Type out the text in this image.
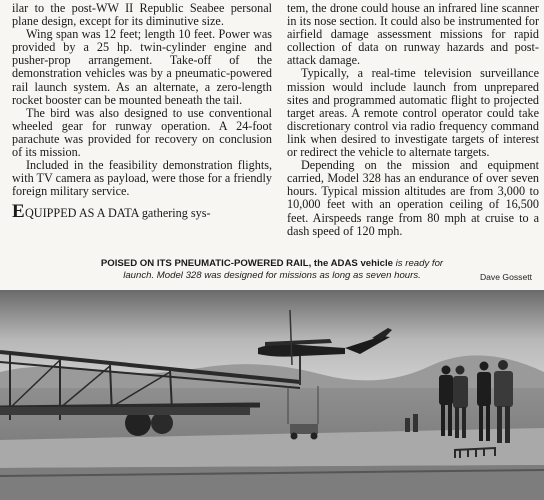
ilar to the post-WW II Republic Seabee personal plane design, except for its diminutive size.

Wing span was 12 feet; length 10 feet. Power was provided by a 25 hp. twin-cylinder engine and pusher-prop arrangement. Take-off of the demonstration vehicles was by a pneumatic-powered rail launch system. As an alternate, a zero-length rocket booster can be mounted beneath the tail.

The bird was also designed to use conventional wheeled gear for runway operation. A 24-foot parachute was provided for recovery on conclusion of its mission.

Included in the feasibility demonstration flights, with TV camera as payload, were those for a friendly foreign military service.

EQUIPPED AS A DATA gathering sys-

tem, the drone could house an infrared line scanner in its nose section. It could also be instrumented for airfield damage assessment missions for rapid collection of data on runway hazards and post-attack damage.

Typically, a real-time television surveillance mission would include launch from unprepared sites and programmed automatic flight to projected target areas. A remote control operator could take discretionary control via radio frequency command link when desired to investigate targets of interest or redirect the vehicle to alternate targets.

Depending on the mission and equipment carried, Model 328 has an endurance of over seven hours. Typical mission altitudes are from 3,000 to 10,000 feet with an operation ceiling of 16,500 feet. Airspeeds range from 80 mph at cruise to a dash speed of 120 mph.

POISED ON ITS PNEUMATIC-POWERED RAIL, the ADAS vehicle is ready for
launch. Model 328 was designed for missions as long as seven hours.	Dave Gossett
